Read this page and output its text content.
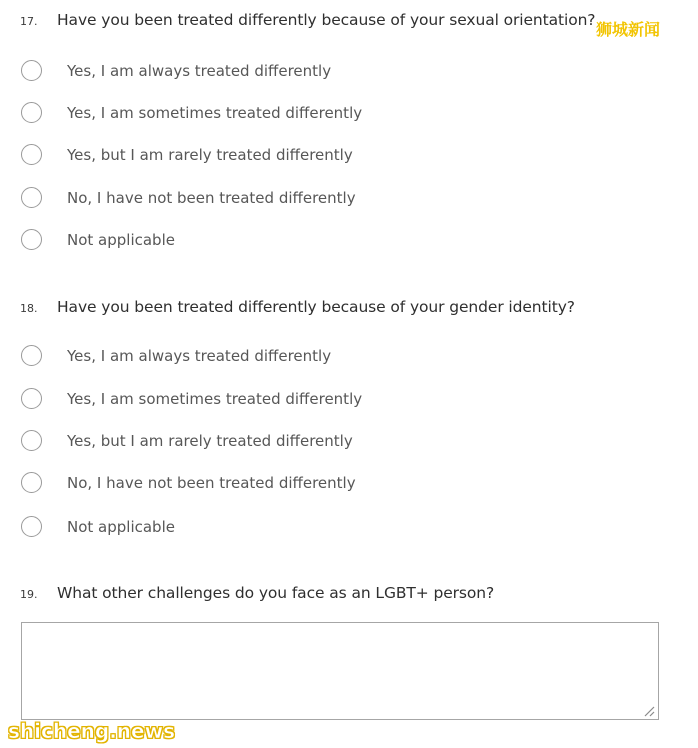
17. Have you been treated differently because of your sexual orientation?
Yes, I am always treated differently
Yes, I am sometimes treated differently
Yes, but I am rarely treated differently
No, I have not been treated differently
Not applicable
18. Have you been treated differently because of your gender identity?
Yes, I am always treated differently
Yes, I am sometimes treated differently
Yes, but I am rarely treated differently
No, I have not been treated differently
Not applicable
19. What other challenges do you face as an LGBT+ person?
狮城新闻
shicheng.news
